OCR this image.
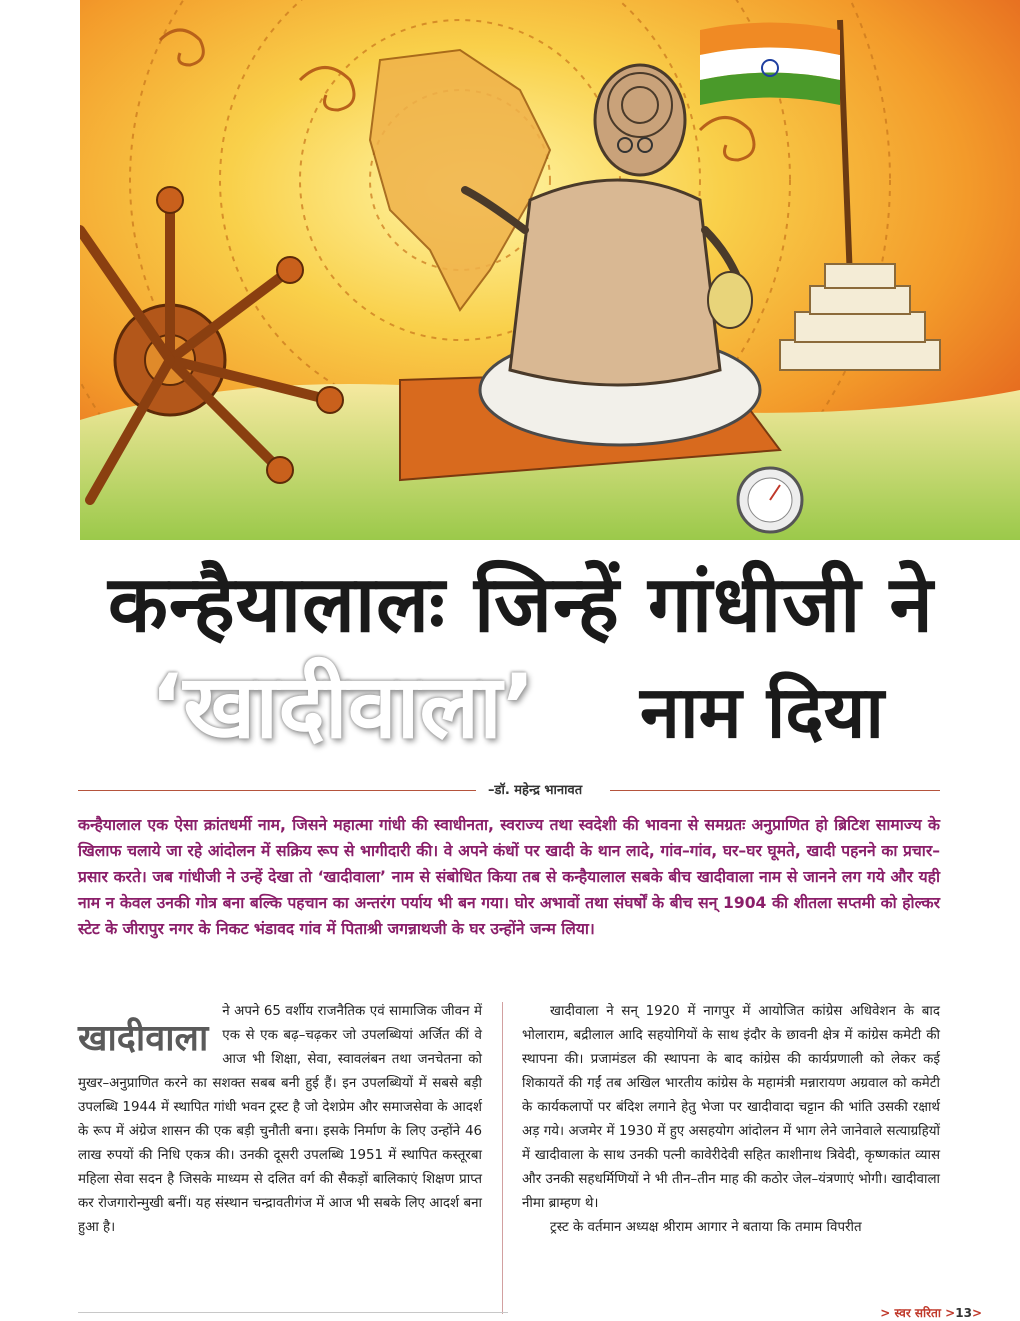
कन्हैयालालः जिन्हें गांधीजी ने
‘खादीवाला’ नाम दिया
–डॉ. महेन्द्र भानावत
कन्हैयालाल एक ऐसा क्रांतधर्मी नाम, जिसने महात्मा गांधी की स्वाधीनता, स्वराज्य तथा स्वदेशी की भावना से समग्रतः अनुप्राणित हो ब्रिटिश सामाज्य के खिलाफ चलाये जा रहे आंदोलन में सक्रिय रूप से भागीदारी की। वे अपने कंधों पर खादी के थान लादे, गांव–गांव, घर–घर घूमते, खादी पहनने का प्रचार–प्रसार करते। जब गांधीजी ने उन्हें देखा तो ‘खादीवाला’ नाम से संबोधित किया तब से कन्हैयालाल सबके बीच खादीवाला नाम से जानने लग गये और यही नाम न केवल उनकी गोत्र बना बल्कि पहचान का अन्तरंग पर्याय भी बन गया। घोर अभावों तथा संघर्षों के बीच सन् 1904 की शीतला सप्तमी को होल्कर स्टेट के जीरापुर नगर के निकट भंडावद गांव में पिताश्री जगन्नाथजी के घर उन्होंने जन्म लिया।
खादीवाला
ने अपने 65 वर्शीय राजनैतिक एवं सामाजिक जीवन में एक से एक बढ़–चढ़कर जो उपलब्धियां अर्जित कीं वे आज भी शिक्षा, सेवा, स्वावलंबन तथा जनचेतना को मुखर–अनुप्राणित करने का सशक्त सबब बनी हुई हैं। इन उपलब्धियों में सबसे बड़ी उपलब्धि 1944 में स्थापित गांधी भवन ट्रस्ट है जो देशप्रेम और समाजसेवा के आदर्श के रूप में अंग्रेज शासन की एक बड़ी चुनौती बना। इसके निर्माण के लिए उन्होंने 46 लाख रुपयों की निधि एकत्र की। उनकी दूसरी उपलब्धि 1951 में स्थापित कस्तूरबा महिला सेवा सदन है जिसके माध्यम से दलित वर्ग की सैकड़ों बालिकाएं शिक्षण प्राप्त कर रोजगारोन्मुखी बनीं। यह संस्थान चन्द्रावतीगंज में आज भी सबके लिए आदर्श बना हुआ है।

खादीवाला ने सन् 1920 में नागपुर में आयोजित कांग्रेस अधिवेशन के बाद भोलाराम, बद्रीलाल आदि सहयोगियों के साथ इंदौर के छावनी क्षेत्र में कांग्रेस कमेटी की स्थापना की। प्रजामंडल की स्थापना के बाद कांग्रेस की कार्यप्रणाली को लेकर कई शिकायतें की गईं तब अखिल भारतीय कांग्रेस के महामंत्री मन्नारायण अग्रवाल को कमेटी के कार्यकलापों पर बंदिश लगाने हेतु भेजा पर खादीवादा चट्टान की भांति उसकी रक्षार्थ अड़ गये। अजमेर में 1930 में हुए असहयोग आंदोलन में भाग लेने जानेवाले सत्याग्रहियों में खादीवाला के साथ उनकी पत्नी कावेरीदेवी सहित काशीनाथ त्रिवेदी, कृष्णकांत व्यास और उनकी सहधर्मिणियों ने भी तीन–तीन माह की कठोर जेल–यंत्रणाएं भोगी। खादीवाला नीमा ब्राम्हण थे।

ट्रस्ट के वर्तमान अध्यक्ष श्रीराम आगार ने बताया कि तमाम विपरीत

> स्वर सरिता >13>
